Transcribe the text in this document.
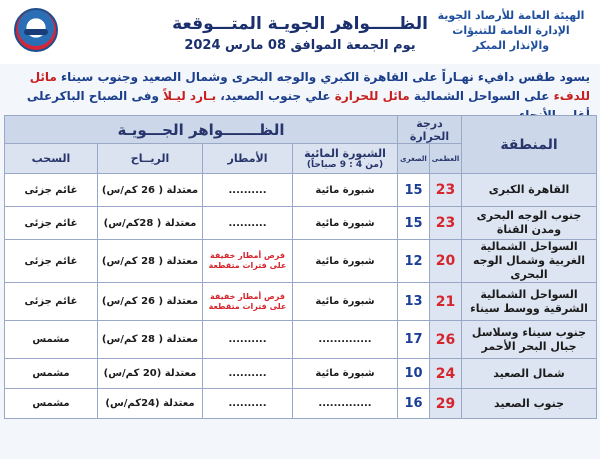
الهيئة العامة للأرصاد الجوية
الإدارة العامة للتنبؤات والإنذار المبكر
الظـــــواهر الجويـة المتـــوقعة
يوم الجمعة الموافق 08 مارس 2024
يسود طقس دافيء نهـاراً على القاهرة الكبري والوجه البحرى وشمال الصعيد وجنوب سيناء مائل للدفء على السواحل الشمالية مائل للحرارة علي جنوب الصعيد، بـارد ليـلاً وفى الصباح الباكرعلى
المنطقة	درجة الحرارة		الظـــــــواهر الجـــويـة			
	العظمى	الصغرى	الشبورة المائية
(من 4 : 9 صباحاً)	الأمطار	الريــاح	السحب
القاهرة الكبرى	23	15	شبورة مائية	..........	معتدلة ( 26 كم/س)	غائم جزئى
جنوب الوجه البحرى ومدن القناة	23	15	شبورة مائية	..........	معتدلة ( 28كم/س)	غائم جزئى
السواحل الشمالية الغربية وشمال الوجه البحرى	20	12	شبورة مائية	فرص أمطار خفيفة على فترات متقطعة	معتدلة ( 28 كم/س)	غائم جزئى
السواحل الشمالية الشرقية ووسط سيناء	21	13	شبورة مائية	فرص أمطار خفيفة على فترات متقطعة	معتدلة ( 26 كم/س)	غائم جزئى
جنوب سيناء وسلاسل جبال البحر الأحمر	26	17	..............	..........	معتدلة ( 28 كم/س)	مشمس
شمال الصعيد	24	10	شبورة مائية	..........	معتدلة (20 كم/س)	مشمس
جنوب الصعيد	29	16	..............	..........	معتدلة (24كم/س)	مشمس
